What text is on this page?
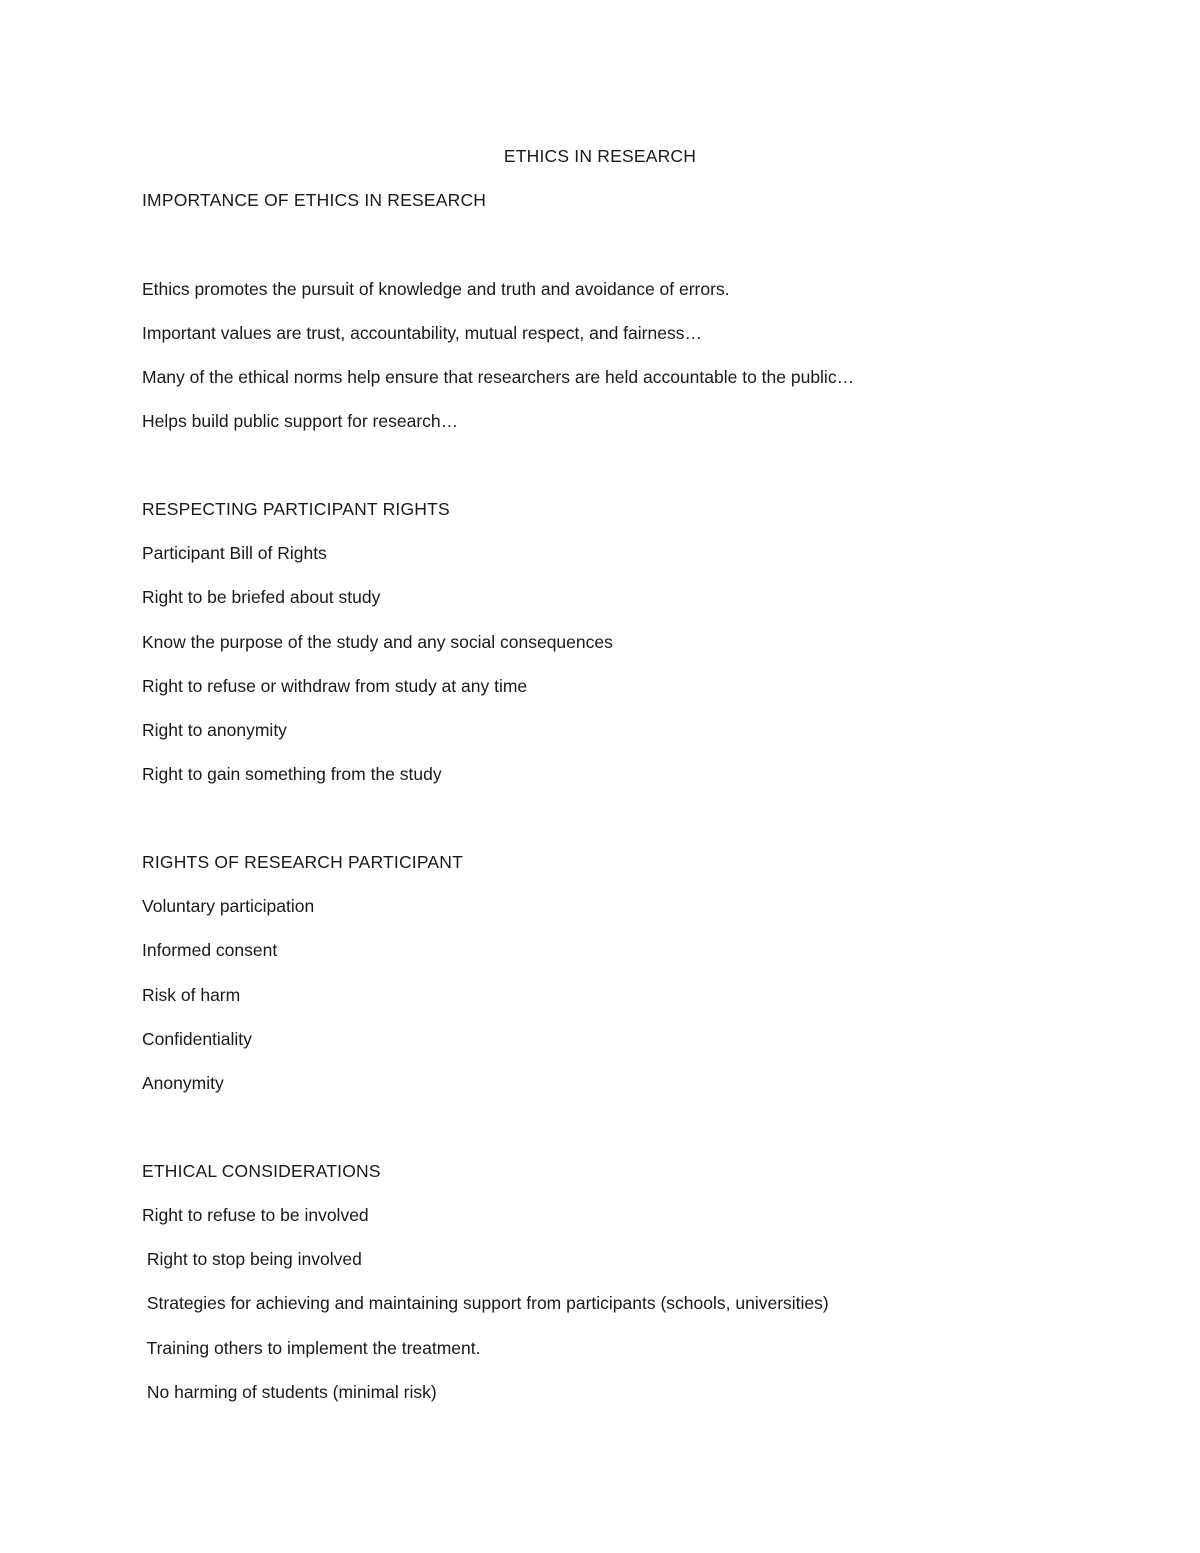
ETHICS IN RESEARCH
IMPORTANCE OF ETHICS IN RESEARCH

Ethics promotes the pursuit of knowledge and truth and avoidance of errors.

Important values are trust, accountability, mutual respect, and fairness…

Many of the ethical norms help ensure that researchers are held accountable to the public…

Helps build public support for research…

RESPECTING PARTICIPANT RIGHTS

Participant Bill of Rights

Right to be briefed about study

Know the purpose of the study and any social consequences

Right to refuse or withdraw from study at any time

Right to anonymity

Right to gain something from the study

RIGHTS OF RESEARCH PARTICIPANT

Voluntary participation

Informed consent

Risk of harm

Confidentiality

Anonymity

ETHICAL CONSIDERATIONS

Right to refuse to be involved

Right to stop being involved

Strategies for achieving and maintaining support from participants (schools, universities)

Training others to implement the treatment.

No harming of students (minimal risk)
